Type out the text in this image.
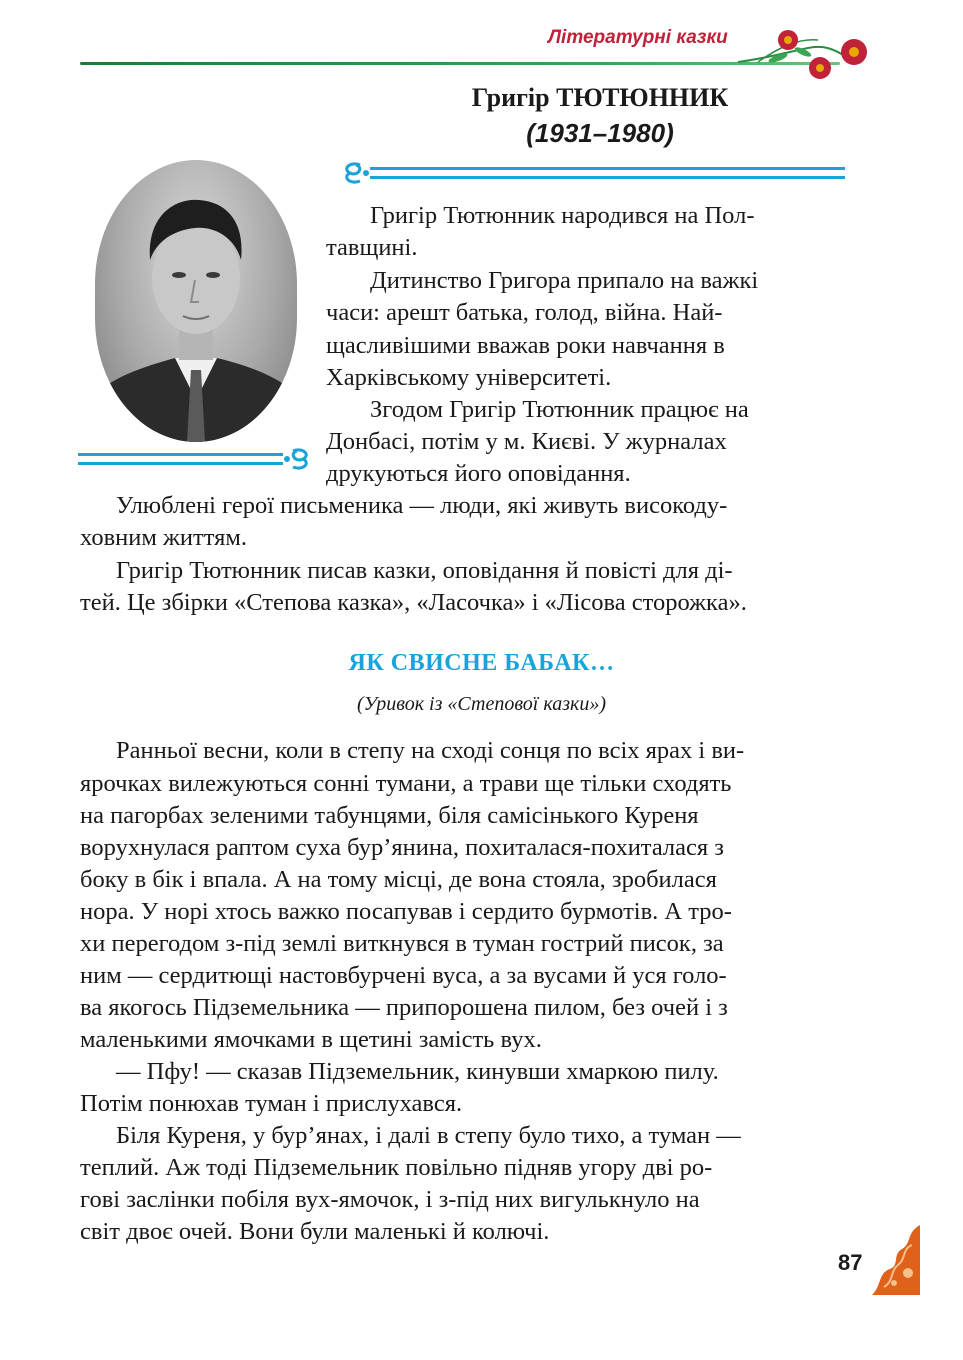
Літературні казки
Григір ТЮТЮННИК
(1931–1980)

Григір Тютюнник народився на Пол-

тавщині.

Дитинство Григора припало на важкі

часи: арешт батька, голод, війна. Най-

щасливішими вважав роки навчання в

Харківському університеті.

Згодом Григір Тютюнник працює на

Донбасі, потім у м. Києві. У журналах

друкуються його оповідання.

Улюблені герої письменика — люди, які живуть високоду-

ховним життям.

Григір Тютюнник писав казки, оповідання й повісті для ді-

тей. Це збірки «Степова казка», «Ласочка» і «Лісова сторожка».

ЯК СВИСНЕ БАБАК…
(Уривок із «Степової казки»)

Ранньої весни, коли в степу на сході сонця по всіх ярах і ви-

ярочках вилежуються сонні тумани, а трави ще тільки сходять

на пагорбах зеленими табунцями, біля самісінького Куреня

ворухнулася раптом суха бур’янина, похиталася-похиталася з

боку в бік і впала. А на тому місці, де вона стояла, зробилася

нора. У норі хтось важко посапував і сердито бурмотів. А тро-

хи перегодом з-під землі виткнувся в туман гострий писок, за

ним — сердитющі настовбурчені вуса, а за вусами й уся голо-

ва якогось Підземельника — припорошена пилом, без очей і з

маленькими ямочками в щетині замість вух.

— Пфу! — сказав Підземельник, кинувши хмаркою пилу.

Потім понюхав туман і прислухався.

Біля Куреня, у бур’янах, і далі в степу було тихо, а туман —

теплий. Аж тоді Підземельник повільно підняв угору дві ро-

гові заслінки побіля вух-ямочок, і з-під них вигулькнуло на

світ двоє очей. Вони були маленькі й колючі.

87
